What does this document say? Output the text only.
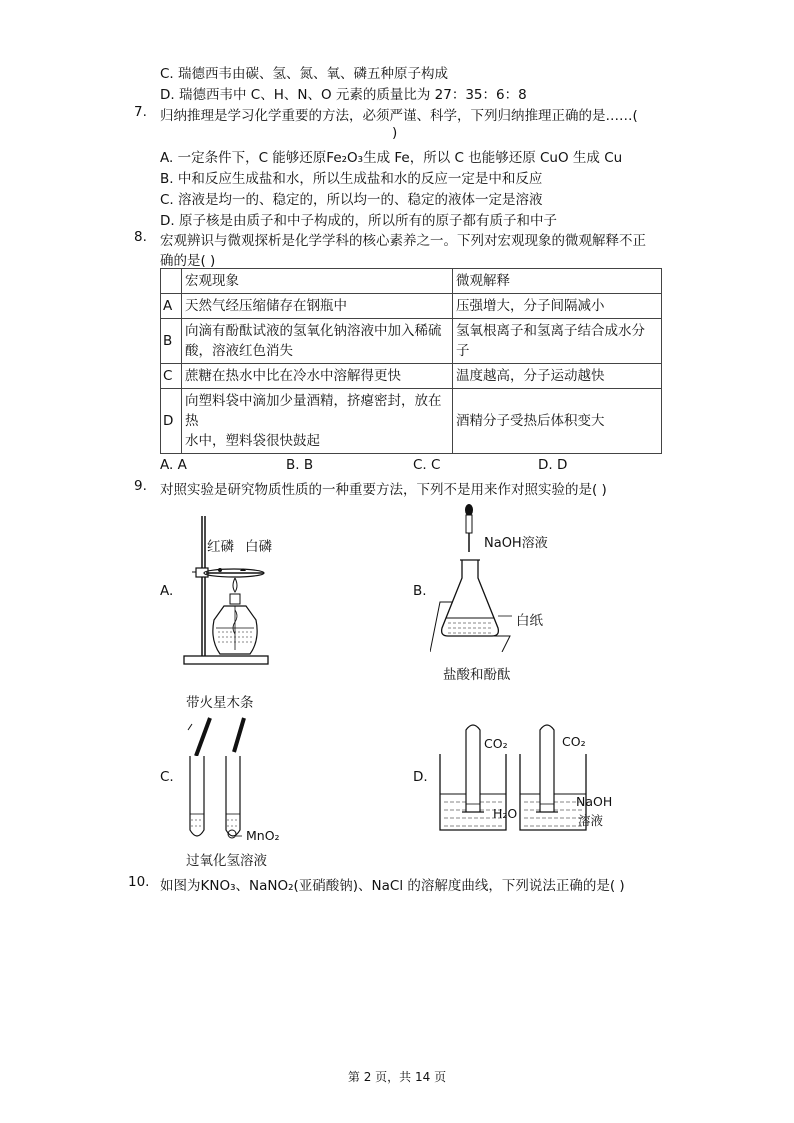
C. 瑞德西韦由碳、氢、氮、氧、磷五种原子构成
D. 瑞德西韦中 C、H、N、O 元素的质量比为 27：35：6：8
7. 归纳推理是学习化学重要的方法，必须严谨、科学，下列归纳推理正确的是……(
)
A. 一定条件下，C 能够还原Fe₂O₃生成 Fe，所以 C 也能够还原 CuO 生成 Cu
B. 中和反应生成盐和水，所以生成盐和水的反应一定是中和反应
C. 溶液是均一的、稳定的，所以均一的、稳定的液体一定是溶液
D. 原子核是由质子和中子构成的，所以所有的原子都有质子和中子
8. 宏观辨识与微观探析是化学学科的核心素养之一。下列对宏观现象的微观解释不正
确的是( )
	宏观现象	微观解释
A	天然气经压缩储存在钢瓶中	压强增大，分子间隔减小
B	向滴有酚酞试液的氢氧化钠溶液中加入稀硫酸，溶液红色消失	氢氧根离子和氢离子结合成水分子
C	蔗糖在热水中比在冷水中溶解得更快	温度越高，分子运动越快
D	向塑料袋中滴加少量酒精，挤瘪密封，放在热
水中，塑料袋很快鼓起	酒精分子受热后体积变大
A. A	B. B	C. C	D. D
9. 对照实验是研究物质性质的一种重要方法，下列不是用来作对照实验的是( )
A.	B.
C.	D.
红磷 白磷	NaOH溶液
白纸
盐酸和酚酞
带火星木条
MnO₂
过氧化氢溶液
CO₂	CO₂
H₂O
NaOH
溶液
10. 如图为KNO₃、NaNO₂(亚硝酸钠)、NaCl 的溶解度曲线，下列说法正确的是( )
第 2 页，共 14 页
